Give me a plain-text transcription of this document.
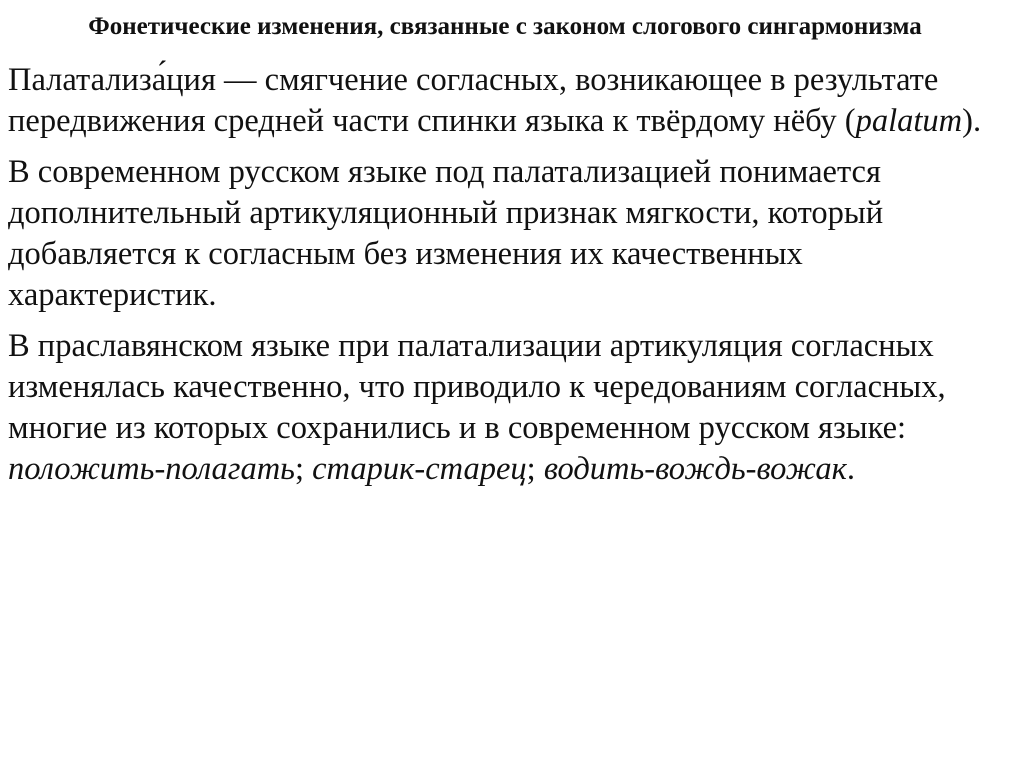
Фонетические изменения, связанные с законом слогового сингармонизма

Палатализа́ция — смягчение согласных, возникающее в результате передвижения средней части спинки языка к твёрдому нёбу (palatum).

В современном русском языке под палатализацией понимается дополнительный артикуляционный признак мягкости, который добавляется к согласным без изменения их качественных характеристик.

В праславянском языке при палатализации артикуляция согласных изменялась качественно, что приводило к чередованиям согласных, многие из которых сохранились и в современном русском языке: положить-полагать; старик-старец; водить-вождь-вожак.
